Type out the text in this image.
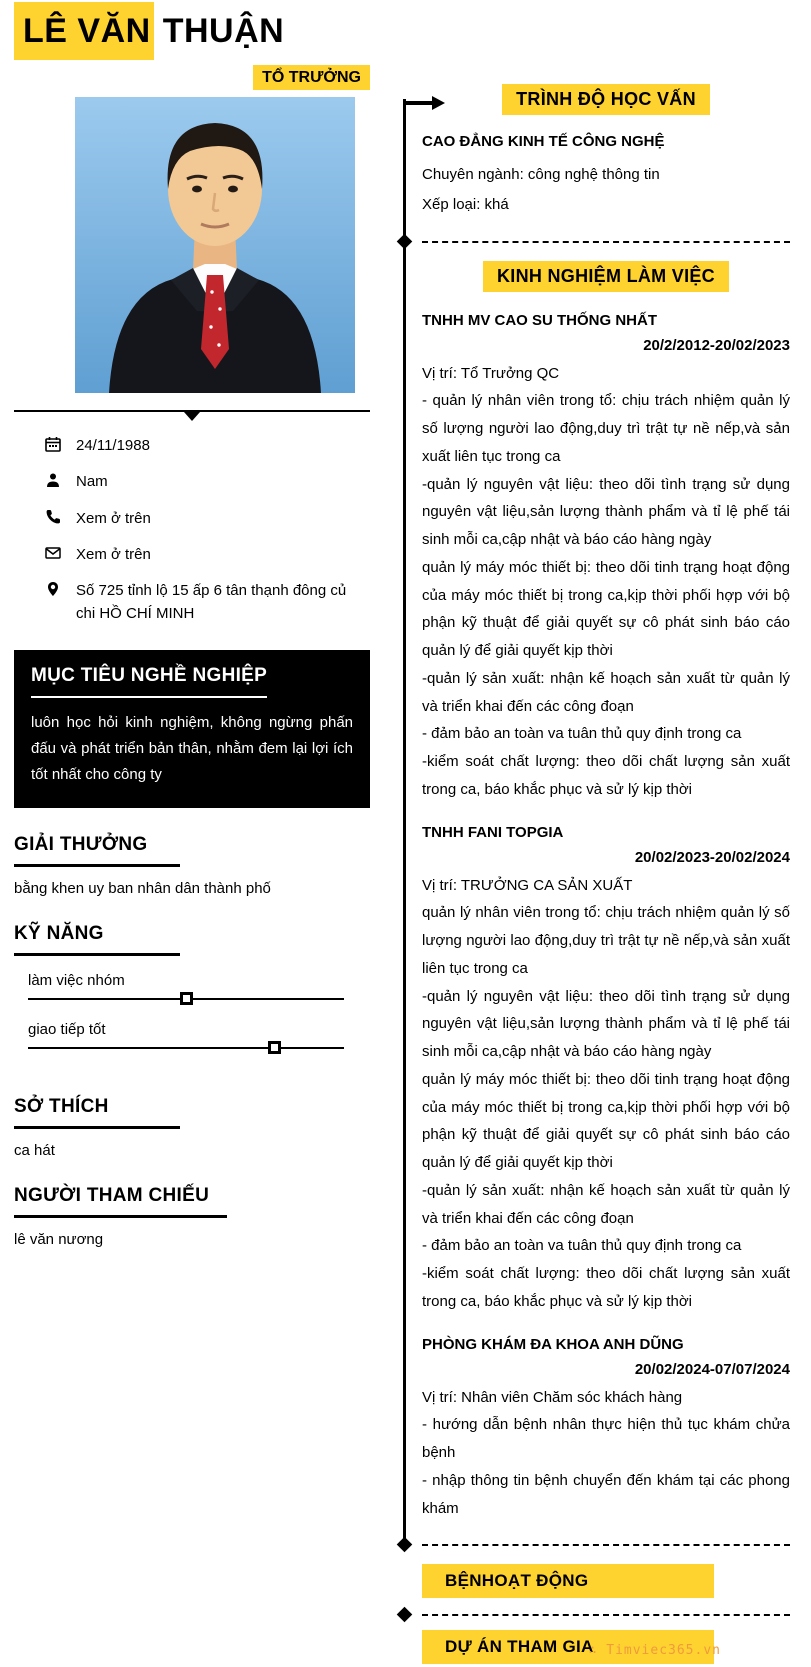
LÊ VĂN THUẬN
TỔ TRƯỞNG
24/11/1988
Nam
Xem ở trên
Xem ở trên
Số 725 tỉnh lộ 15 ấp 6 tân thạnh đông củ chi HỒ CHÍ MINH
MỤC TIÊU NGHỀ NGHIỆP

luôn học hỏi kinh nghiệm, không ngừng phấn đấu và phát triển bản thân, nhằm đem lại lợi ích tốt nhất cho công ty

GIẢI THƯỞNG

bằng khen uy ban nhân dân thành phố

KỸ NĂNG
làm việc nhóm
giao tiếp tốt
SỞ THÍCH

ca hát

NGƯỜI THAM CHIẾU

lê văn nương

TRÌNH ĐỘ HỌC VẤN
CAO ĐẲNG KINH TẾ CÔNG NGHỆ

Chuyên ngành: công nghệ thông tin

Xếp loại: khá

KINH NGHIỆM LÀM VIỆC
TNHH MV CAO SU THỐNG NHẤT
20/2/2012-20/02/2023

Vị trí: Tổ Trưởng QC

- quản lý nhân viên trong tổ: chịu trách nhiệm quản lý số lượng người lao động,duy trì trật tự nề nếp,và sản xuất liên tục trong ca

-quản lý nguyên vật liệu: theo dõi tình trạng sử dụng nguyên vật liệu,sản lượng thành phẩm và tỉ lệ phế tái sinh mỗi ca,cập nhật và báo cáo hàng ngày

quản lý máy móc thiết bị: theo dõi tinh trạng hoạt động của máy móc thiết bị trong ca,kịp thời phối hợp với bộ phận kỹ thuật để giải quyết sự cô phát sinh báo cáo quản lý để giải quyết kịp thời

-quản lý sản xuất: nhận kế hoạch sản xuất từ quản lý và triển khai đến các công đoạn

- đảm bảo an toàn va tuân thủ quy định trong ca

-kiểm soát chất lượng: theo dõi chất lượng sản xuất trong ca, báo khắc phục và sử lý kịp thời

TNHH FANI TOPGIA
20/02/2023-20/02/2024

Vị trí: TRƯỞNG CA SẢN XUẤT

quản lý nhân viên trong tổ: chịu trách nhiệm quản lý số lượng người lao động,duy trì trật tự nề nếp,và sản xuất liên tục trong ca

-quản lý nguyên vật liệu: theo dõi tình trạng sử dụng nguyên vật liệu,sản lượng thành phẩm và tỉ lệ phế tái sinh mỗi ca,cập nhật và báo cáo hàng ngày

quản lý máy móc thiết bị: theo dõi tinh trạng hoạt động của máy móc thiết bị trong ca,kịp thời phối hợp với bộ phận kỹ thuật để giải quyết sự cô phát sinh báo cáo quản lý để giải quyết kịp thời

-quản lý sản xuất: nhận kế hoạch sản xuất từ quản lý và triển khai đến các công đoạn

- đảm bảo an toàn va tuân thủ quy định trong ca

-kiểm soát chất lượng: theo dõi chất lượng sản xuất trong ca, báo khắc phục và sử lý kịp thời

PHÒNG KHÁM ĐA KHOA ANH DŨNG
20/02/2024-07/07/2024

Vị trí: Nhân viên Chăm sóc khách hàng

- hướng dẫn bệnh nhân thực hiện thủ tục khám chửa bệnh

- nhập thông tin bệnh chuyển đến khám tại các phong khám

BỆNHOẠT ĐỘNG
DỰ ÁN THAM GIA
∴ Timviec365.vn
